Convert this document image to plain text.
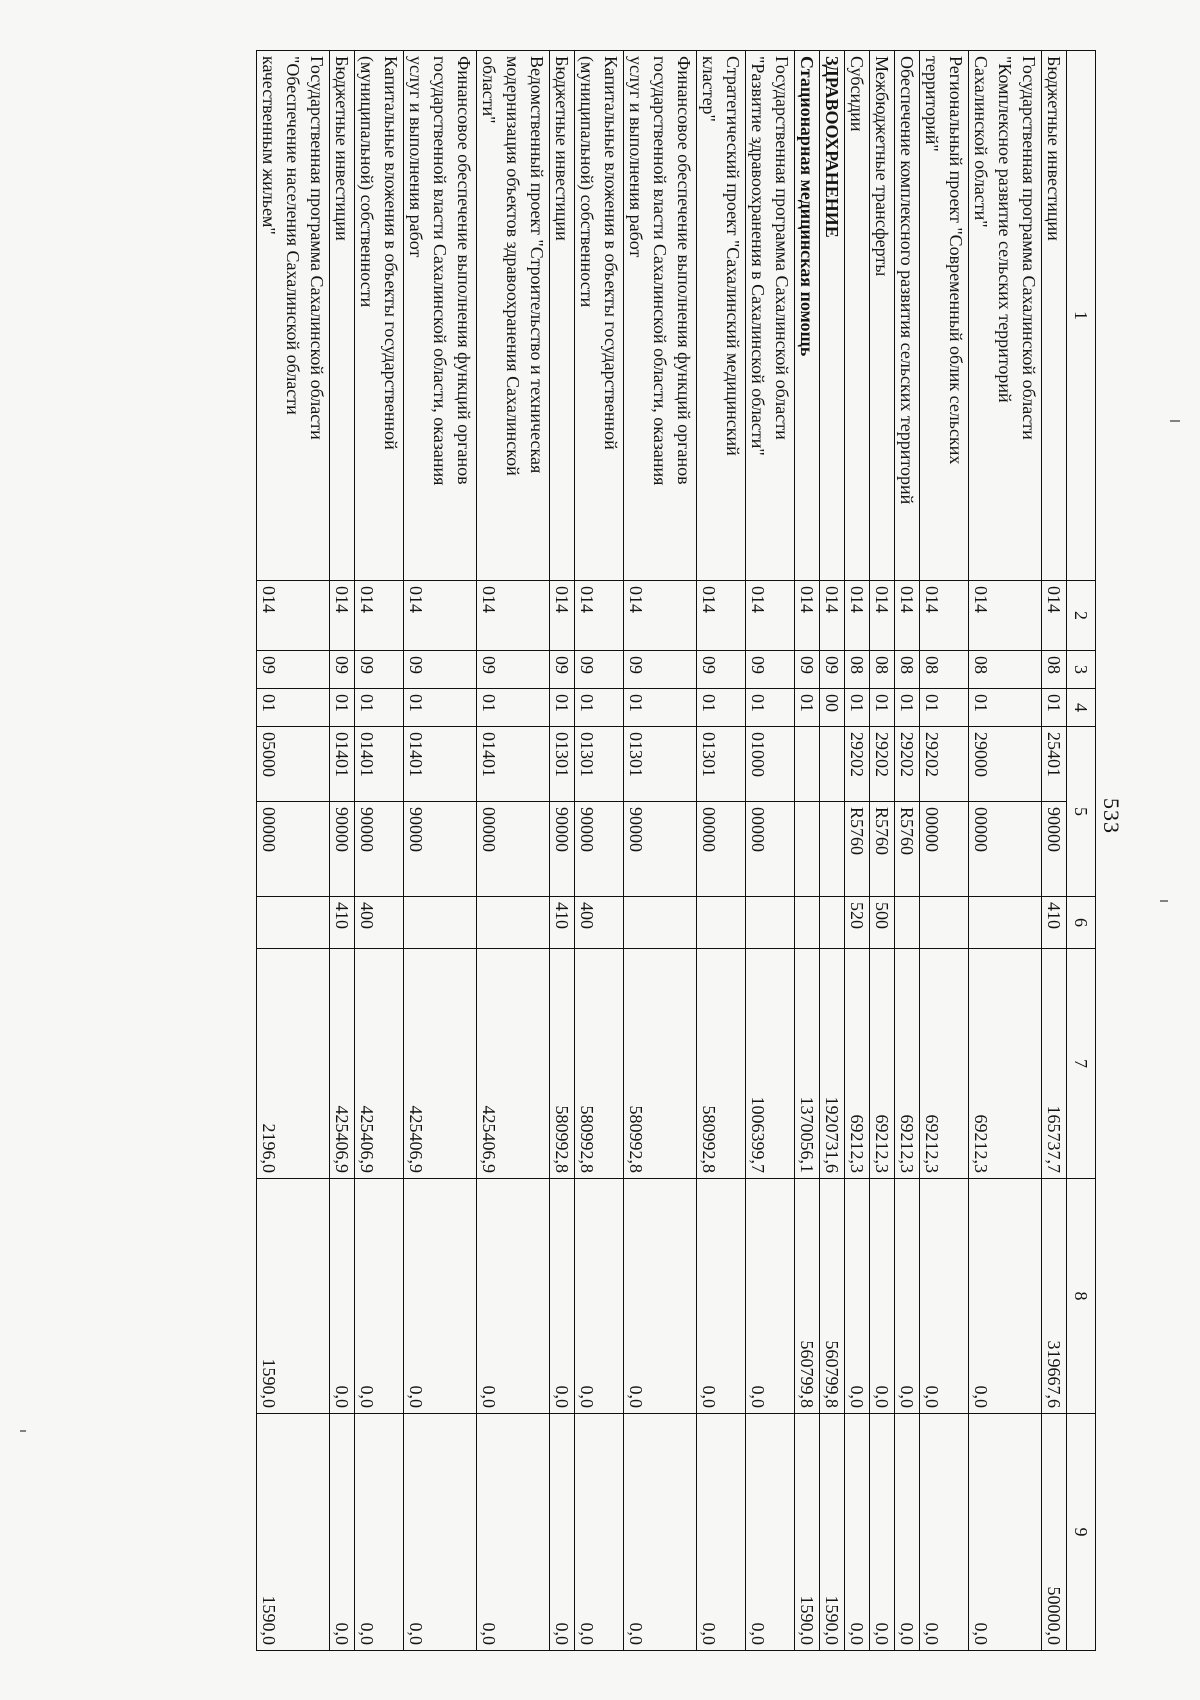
533
1	2	3	4	5		6	7	8	9

Бюджетные инвестиции	014	08	01	25401	90000	410	165737,7	319667,6	50000,0

Государственная программа Сахалинской области
"Комплексное развитие сельских территорий
Сахалинской области"	014	08	01	29000	00000		69212,3	0,0	0,0

Региональный проект "Современный облик сельских
территорий"	014	08	01	29202	00000		69212,3	0,0	0,0

Обеспечение комплексного развития сельских территорий	014	08	01	29202	R5760		69212,3	0,0	0,0

Межбюджетные трансферты	014	08	01	29202	R5760	500	69212,3	0,0	0,0

Субсидии	014	08	01	29202	R5760	520	69212,3	0,0	0,0

ЗДРАВООХРАНЕНИЕ	014	09	00				1920731,6	560799,8	1590,0

Стационарная медицинская помощь	014	09	01				1370056,1	560799,8	1590,0

Государственная программа Сахалинской области
"Развитие здравоохранения в Сахалинской области"	014	09	01	01000	00000		1006399,7	0,0	0,0

Стратегический проект "Сахалинский медицинский
кластер"	014	09	01	01301	00000		580992,8	0,0	0,0

Финансовое обеспечение выполнения функций органов
государственной власти Сахалинской области, оказания
услуг и выполнения работ	014	09	01	01301	90000		580992,8	0,0	0,0

Капитальные вложения в объекты государственной
(муниципальной) собственности	014	09	01	01301	90000	400	580992,8	0,0	0,0

Бюджетные инвестиции	014	09	01	01301	90000	410	580992,8	0,0	0,0

Ведомственный проект "Строительство и техническая
модернизация объектов здравоохранения Сахалинской
области"	014	09	01	01401	00000		425406,9	0,0	0,0

Финансовое обеспечение выполнения функций органов
государственной власти Сахалинской области, оказания
услуг и выполнения работ	014	09	01	01401	90000		425406,9	0,0	0,0

Капитальные вложения в объекты государственной
(муниципальной) собственности	014	09	01	01401	90000	400	425406,9	0,0	0,0

Бюджетные инвестиции	014	09	01	01401	90000	410	425406,9	0,0	0,0

Государственная программа Сахалинской области
"Обеспечение населения Сахалинской области
качественным жильем"	014	09	01	05000	00000		2196,0	1590,0	1590,0
